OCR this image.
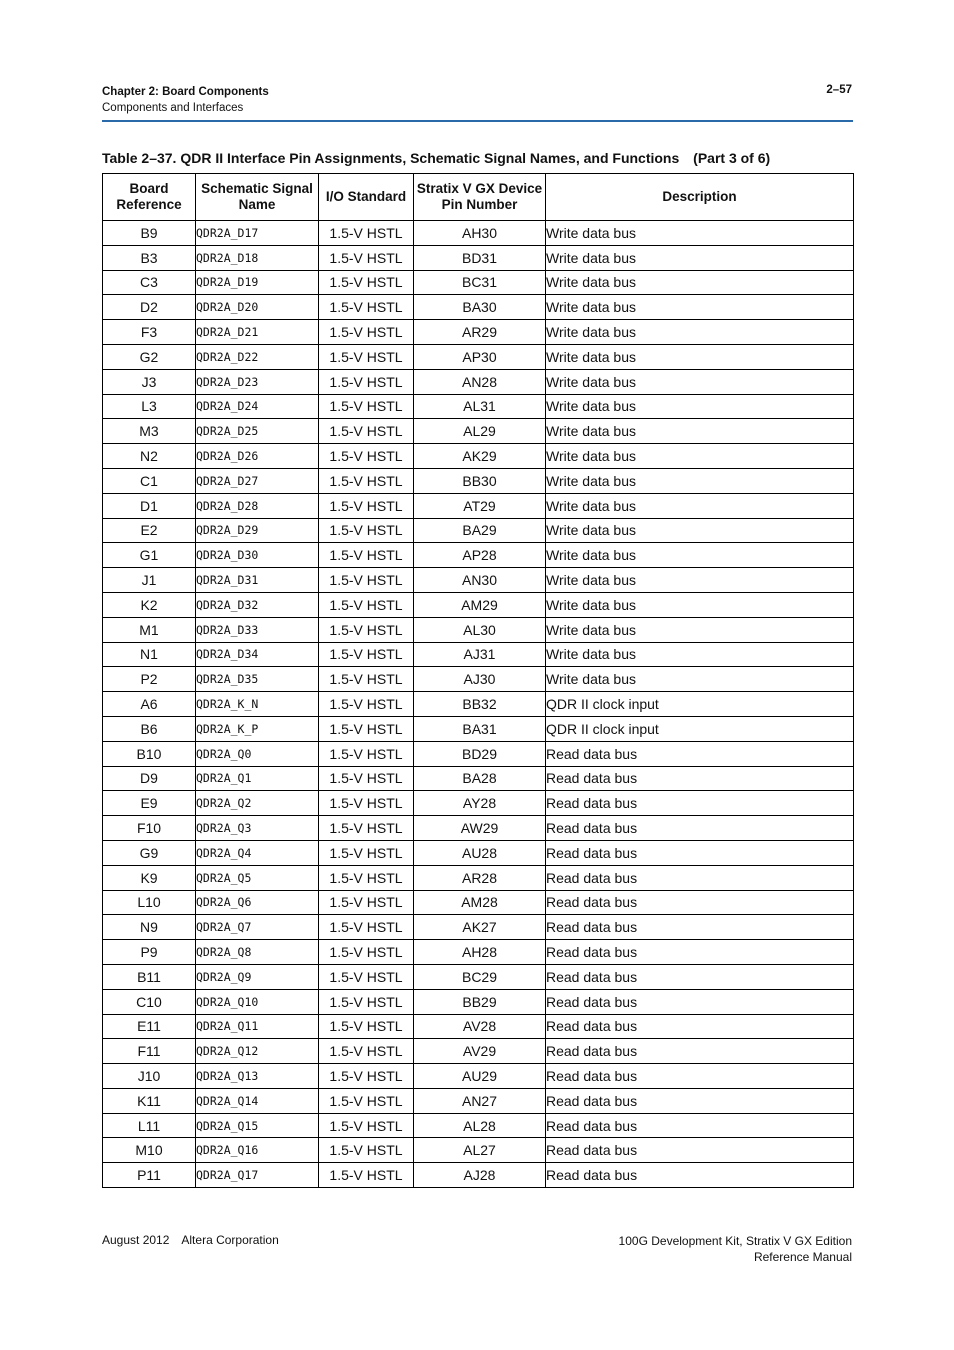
Chapter 2: Board Components
Components and Interfaces
2–57
Table 2–37. QDR II Interface Pin Assignments, Schematic Signal Names, and Functions (Part 3 of 6)
Board Reference	Schematic Signal Name	I/O Standard	Stratix V GX Device Pin Number	Description
B9	QDR2A_D17	1.5-V HSTL	AH30	Write data bus
B3	QDR2A_D18	1.5-V HSTL	BD31	Write data bus
C3	QDR2A_D19	1.5-V HSTL	BC31	Write data bus
D2	QDR2A_D20	1.5-V HSTL	BA30	Write data bus
F3	QDR2A_D21	1.5-V HSTL	AR29	Write data bus
G2	QDR2A_D22	1.5-V HSTL	AP30	Write data bus
J3	QDR2A_D23	1.5-V HSTL	AN28	Write data bus
L3	QDR2A_D24	1.5-V HSTL	AL31	Write data bus
M3	QDR2A_D25	1.5-V HSTL	AL29	Write data bus
N2	QDR2A_D26	1.5-V HSTL	AK29	Write data bus
C1	QDR2A_D27	1.5-V HSTL	BB30	Write data bus
D1	QDR2A_D28	1.5-V HSTL	AT29	Write data bus
E2	QDR2A_D29	1.5-V HSTL	BA29	Write data bus
G1	QDR2A_D30	1.5-V HSTL	AP28	Write data bus
J1	QDR2A_D31	1.5-V HSTL	AN30	Write data bus
K2	QDR2A_D32	1.5-V HSTL	AM29	Write data bus
M1	QDR2A_D33	1.5-V HSTL	AL30	Write data bus
N1	QDR2A_D34	1.5-V HSTL	AJ31	Write data bus
P2	QDR2A_D35	1.5-V HSTL	AJ30	Write data bus
A6	QDR2A_K_N	1.5-V HSTL	BB32	QDR II clock input
B6	QDR2A_K_P	1.5-V HSTL	BA31	QDR II clock input
B10	QDR2A_Q0	1.5-V HSTL	BD29	Read data bus
D9	QDR2A_Q1	1.5-V HSTL	BA28	Read data bus
E9	QDR2A_Q2	1.5-V HSTL	AY28	Read data bus
F10	QDR2A_Q3	1.5-V HSTL	AW29	Read data bus
G9	QDR2A_Q4	1.5-V HSTL	AU28	Read data bus
K9	QDR2A_Q5	1.5-V HSTL	AR28	Read data bus
L10	QDR2A_Q6	1.5-V HSTL	AM28	Read data bus
N9	QDR2A_Q7	1.5-V HSTL	AK27	Read data bus
P9	QDR2A_Q8	1.5-V HSTL	AH28	Read data bus
B11	QDR2A_Q9	1.5-V HSTL	BC29	Read data bus
C10	QDR2A_Q10	1.5-V HSTL	BB29	Read data bus
E11	QDR2A_Q11	1.5-V HSTL	AV28	Read data bus
F11	QDR2A_Q12	1.5-V HSTL	AV29	Read data bus
J10	QDR2A_Q13	1.5-V HSTL	AU29	Read data bus
K11	QDR2A_Q14	1.5-V HSTL	AN27	Read data bus
L11	QDR2A_Q15	1.5-V HSTL	AL28	Read data bus
M10	QDR2A_Q16	1.5-V HSTL	AL27	Read data bus
P11	QDR2A_Q17	1.5-V HSTL	AJ28	Read data bus
August 2012 Altera Corporation	100G Development Kit, Stratix V GX Edition
Reference Manual
